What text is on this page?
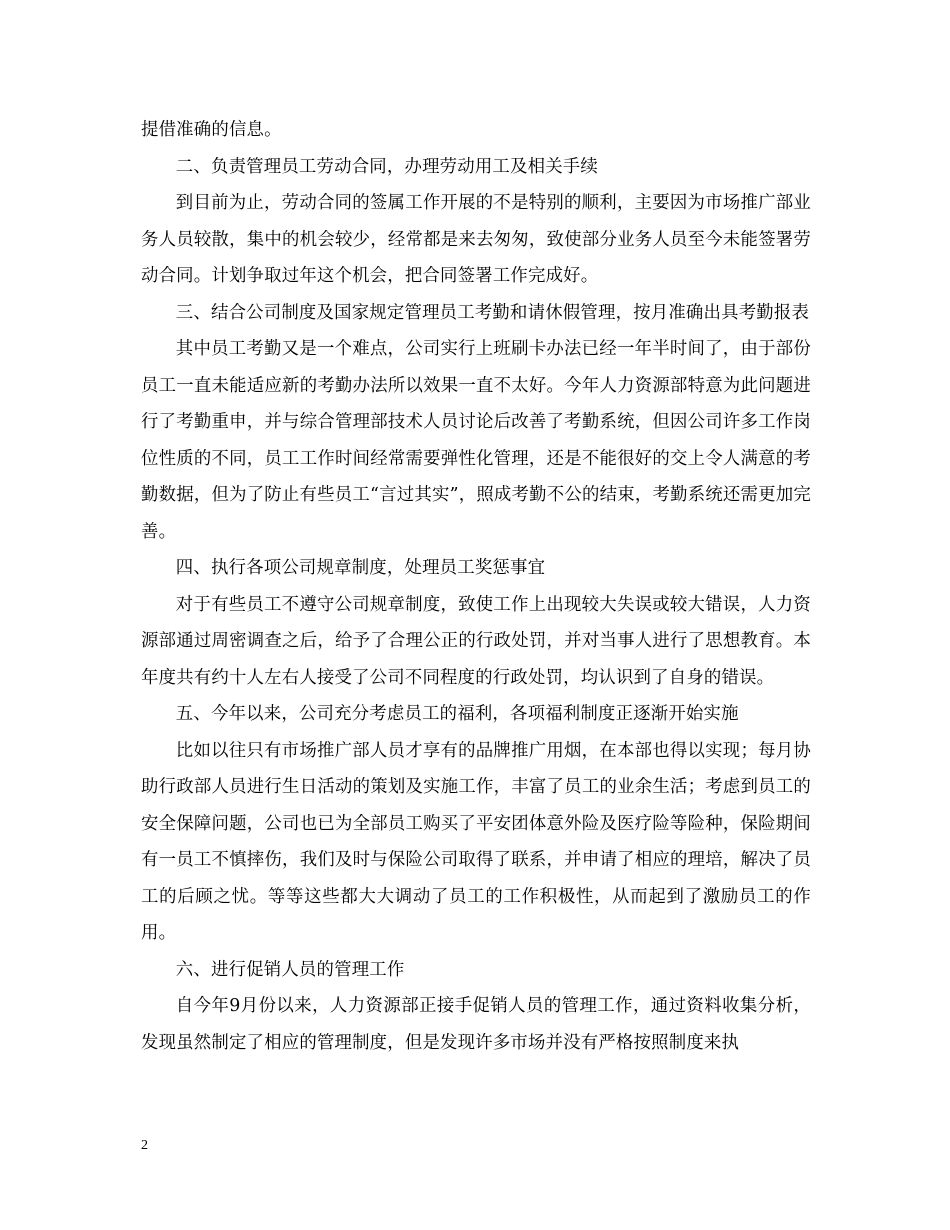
提借准确的信息。

二、负责管理员工劳动合同，办理劳动用工及相关手续

到目前为止，劳动合同的签属工作开展的不是特别的顺利，主要因为市场推广部业务人员较散，集中的机会较少，经常都是来去匆匆，致使部分业务人员至今未能签署劳动合同。计划争取过年这个机会，把合同签署工作完成好。

三、结合公司制度及国家规定管理员工考勤和请休假管理，按月准确出具考勤报表

其中员工考勤又是一个难点，公司实行上班刷卡办法已经一年半时间了，由于部份员工一直未能适应新的考勤办法所以效果一直不太好。今年人力资源部特意为此问题进行了考勤重申，并与综合管理部技术人员讨论后改善了考勤系统，但因公司许多工作岗位性质的不同，员工工作时间经常需要弹性化管理，还是不能很好的交上令人满意的考勤数据，但为了防止有些员工“言过其实”，照成考勤不公的结束，考勤系统还需更加完善。

四、执行各项公司规章制度，处理员工奖惩事宜

对于有些员工不遵守公司规章制度，致使工作上出现较大失误或较大错误，人力资源部通过周密调查之后，给予了合理公正的行政处罚，并对当事人进行了思想教育。本年度共有约十人左右人接受了公司不同程度的行政处罚，均认识到了自身的错误。

五、今年以来，公司充分考虑员工的福利，各项福利制度正逐渐开始实施

比如以往只有市场推广部人员才享有的品牌推广用烟，在本部也得以实现；每月协助行政部人员进行生日活动的策划及实施工作，丰富了员工的业余生活；考虑到员工的安全保障问题，公司也已为全部员工购买了平安团体意外险及医疗险等险种，保险期间有一员工不慎摔伤，我们及时与保险公司取得了联系，并申请了相应的理培，解决了员工的后顾之忧。等等这些都大大调动了员工的工作积极性，从而起到了激励员工的作用。

六、进行促销人员的管理工作

自今年9月份以来，人力资源部正接手促销人员的管理工作，通过资料收集分析，发现虽然制定了相应的管理制度，但是发现许多市场并没有严格按照制度来执

2
